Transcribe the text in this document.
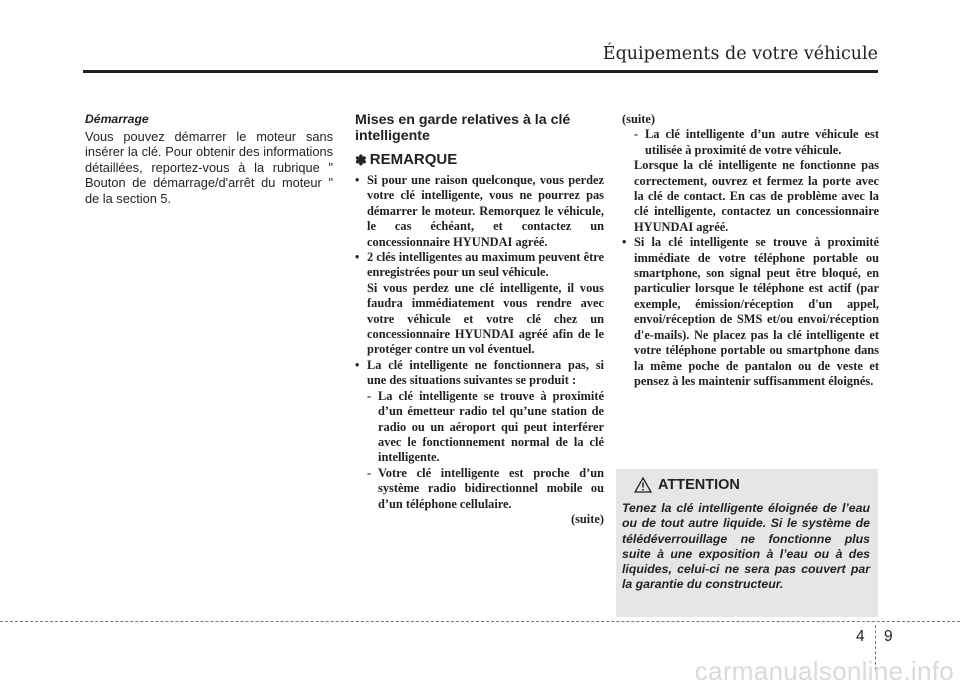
Équipements de votre véhicule

Démarrage

Vous pouvez démarrer le moteur sans insérer la clé. Pour obtenir des informations détaillées, reportez-vous à la rubrique " Bouton de démarrage/d'arrêt du moteur " de la section 5.

Mises en garde relatives à la clé
intelligente
✽ REMARQUE

• Si pour une raison quelconque, vous perdez votre clé intelligente, vous ne pourrez pas démarrer le moteur. Remorquez le véhicule, le cas échéant, et contactez un concessionnaire HYUNDAI agréé.

• 2 clés intelligentes au maximum peuvent être enregistrées pour un seul véhicule.

Si vous perdez une clé intelligente, il vous faudra immédiatement vous rendre avec votre véhicule et votre clé chez un concessionnaire HYUNDAI agréé afin de le protéger contre un vol éventuel.

• La clé intelligente ne fonctionnera pas, si une des situations suivantes se produit :

- La clé intelligente se trouve à proximité d’un émetteur radio tel qu’une station de radio ou un aéroport qui peut interférer avec le fonctionnement normal de la clé intelligente.

- Votre clé intelligente est proche d’un système radio bidirectionnel mobile ou d’un téléphone cellulaire.

(suite)

(suite)

- La clé intelligente d’un autre véhicule est utilisée à proximité de votre véhicule.

Lorsque la clé intelligente ne fonctionne pas correctement, ouvrez et fermez la porte avec la clé de contact. En cas de problème avec la clé intelligente, contactez un concessionnaire HYUNDAI agréé.

• Si la clé intelligente se trouve à proximité immédiate de votre téléphone portable ou smartphone, son signal peut être bloqué, en particulier lorsque le téléphone est actif (par exemple, émission/réception d'un appel, envoi/réception de SMS et/ou envoi/réception d'e-mails). Ne placez pas la clé intelligente et votre téléphone portable ou smartphone dans la même poche de pantalon ou de veste et pensez à les maintenir suffisamment éloignés.

ATTENTION

Tenez la clé intelligente éloignée de l’eau ou de tout autre liquide. Si le système de télédéverrouillage ne fonctionne plus suite à une exposition à l’eau ou à des liquides, celui-ci ne sera pas couvert par la garantie du constructeur.

4 9
carmanualsonline.info
